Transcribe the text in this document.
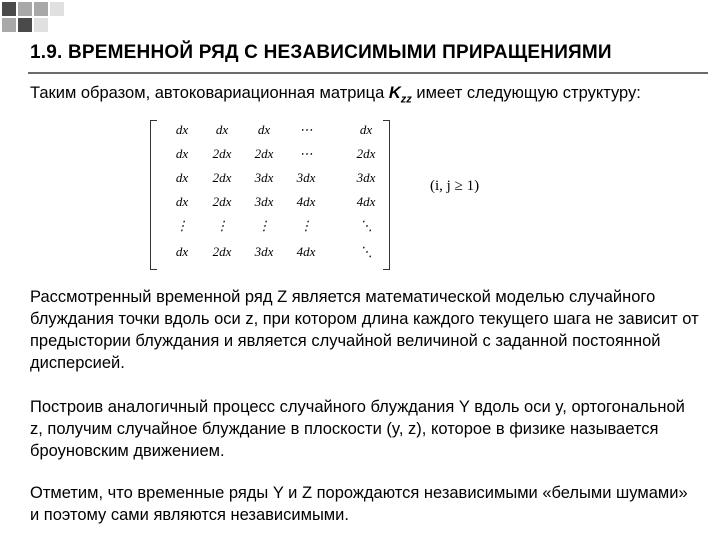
1.9. ВРЕМЕННОЙ РЯД С НЕЗАВИСИМЫМИ ПРИРАЩЕНИЯМИ
Таким образом, автоковариационная матрица $K_{zz}$ имеет следующую структуру:
dx	dx	dx	⋯	dx
dx	2dx	2dx	⋯	2dx
dx	2dx	3dx	3dx	3dx
dx	2dx	3dx	4dx	4dx
⋮	⋮	⋮	⋮	⋱
dx	2dx	3dx	4dx	⋱
(i, j ≥ 1)
Рассмотренный временной ряд Z является математической моделью случайного блуждания точки вдоль оси z, при котором длина каждого текущего шага не зависит от предыстории блуждания и является случайной величиной с заданной постоянной дисперсией.
Построив аналогичный процесс случайного блуждания Y вдоль оси y, ортогональной z, получим случайное блуждание в плоскости (y, z), которое в физике называется броуновским движением.
Отметим, что временные ряды Y и Z порождаются независимыми «белыми шумами» и поэтому сами являются независимыми.
